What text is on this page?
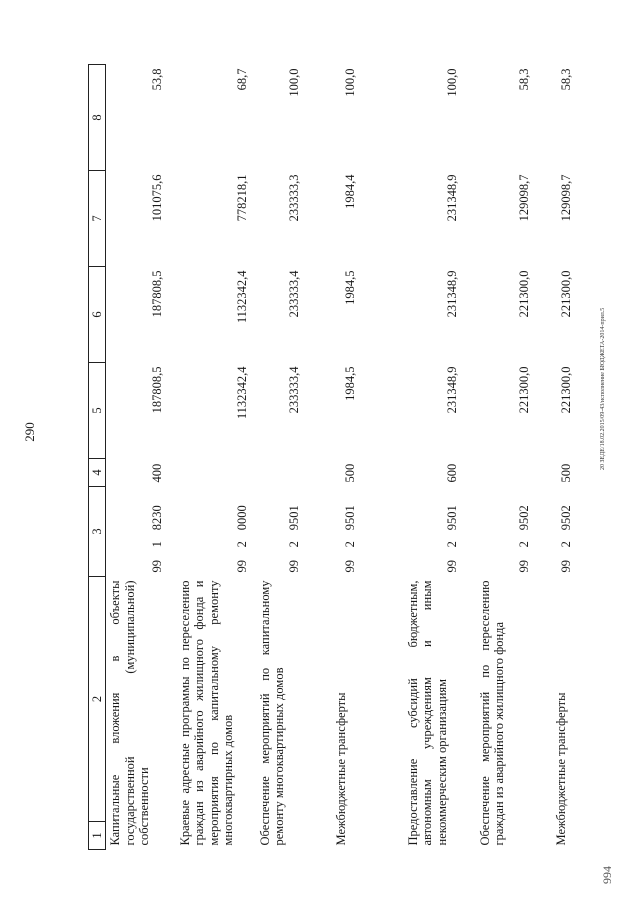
290	20 ЗЕДЕ/18.02.2015/09-43/исполнение БЮДЖЕТА-2014-прил.5
994
1	2	3	4	5	6	7	8
Капитальные вложения в объекты государственной (муниципальной) собственности		99 1 8230	400	187808,5	187808,5	101075,6	53,8

Краевые адресные программы по переселению граждан из аварийного жилищного фонда и мероприятия по капитальному ремонту многоквартирных домов		99 2 0000		1132342,4	1132342,4	778218,1	68,7

Обеспечение мероприятий по капитальному ремонту многоквартирных домов		99 2 9501		233333,4	233333,4	233333,3	100,0

Межбюджетные трансферты		99 2 9501	500	1984,5	1984,5	1984,4	100,0

Предоставление субсидий бюджетным, автономным учреждениям и иным некоммерческим организациям		99 2 9501	600	231348,9	231348,9	231348,9	100,0

Обеспечение мероприятий по переселению граждан из аварийного жилищного фонда		99 2 9502		221300,0	221300,0	129098,7	58,3

Межбюджетные трансферты		99 2 9502	500	221300,0	221300,0	129098,7	58,3
